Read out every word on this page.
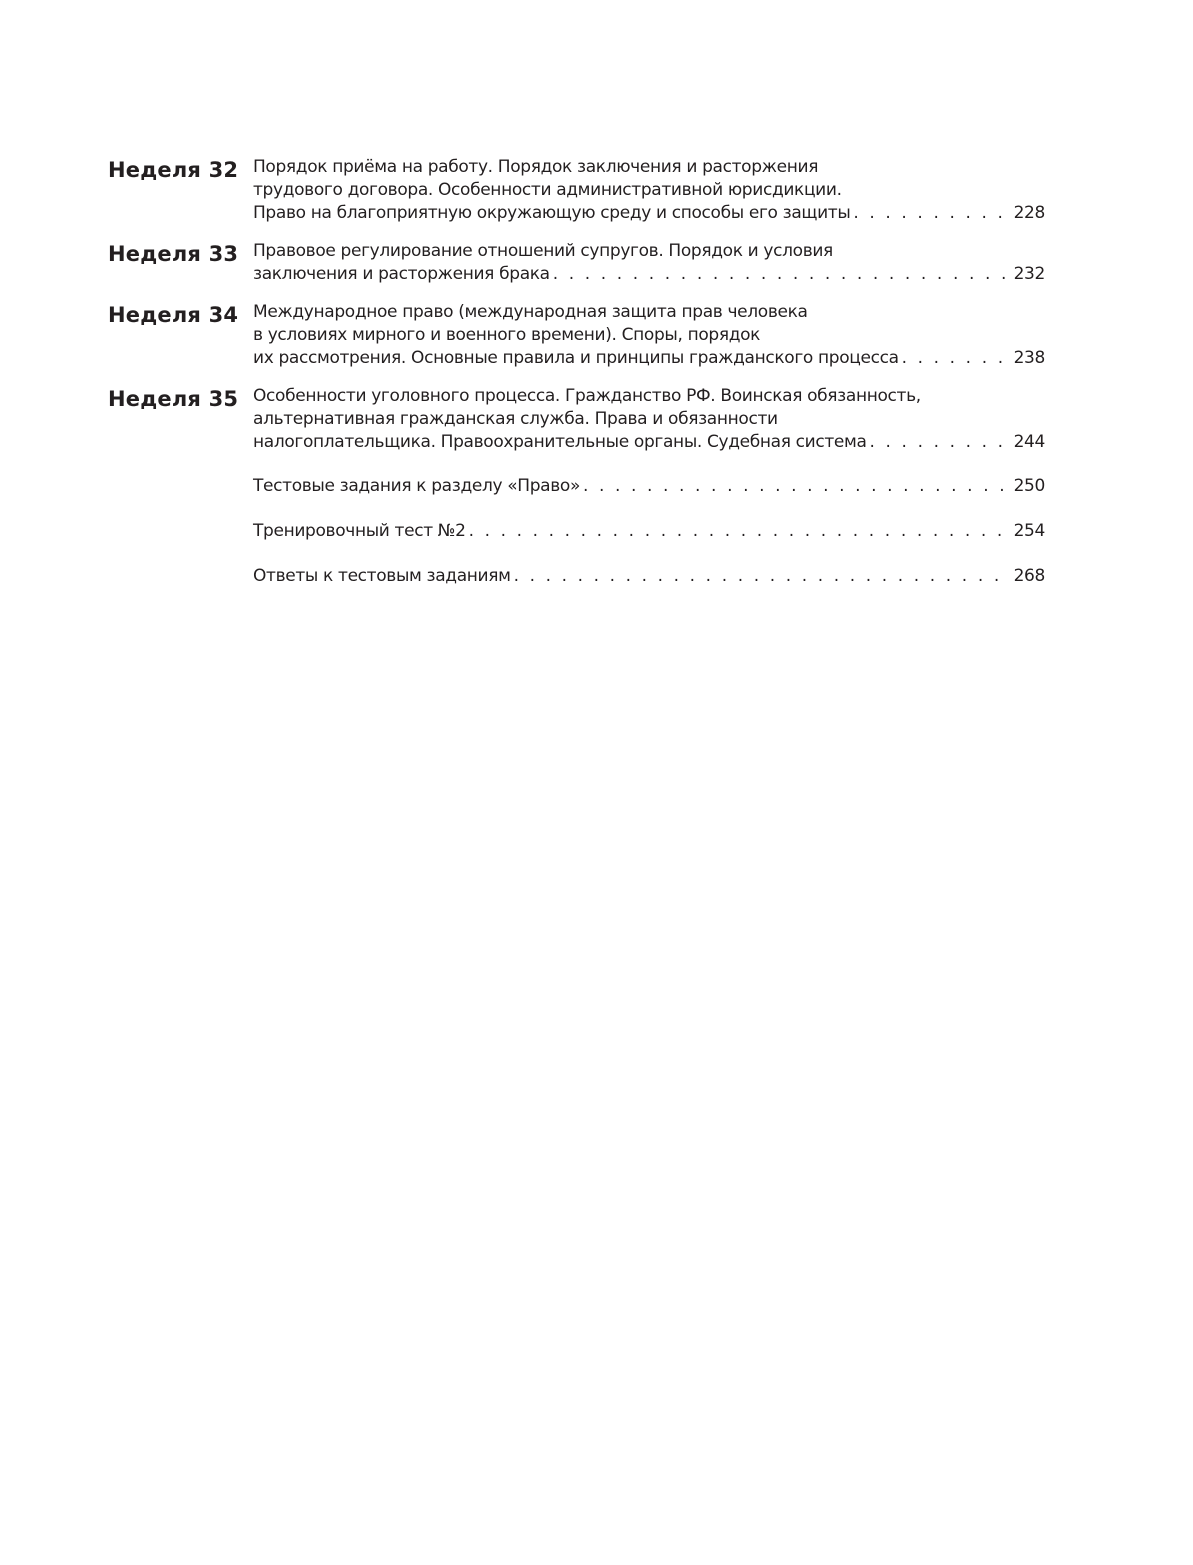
Неделя 32 Порядок приёма на работу. Порядок заключения и расторжения
трудового договора. Особенности административной юрисдикции.
Право на благоприятную окружающую среду и способы его защиты . . .	228
Неделя 33 Правовое регулирование отношений супругов. Порядок и условия
заключения и расторжения брака . . .	232
Неделя 34 Международное право (международная защита прав человека
в условиях мирного и военного времени). Споры, порядок
их рассмотрения. Основные правила и принципы гражданского процесса . . .	238
Неделя 35 Особенности уголовного процесса. Гражданство РФ. Воинская обязанность,
альтернативная гражданская служба. Права и обязанности
налогоплательщика. Правоохранительные органы. Судебная система . . .	244
Тестовые задания к разделу «Право» . . .	250
Тренировочный тест №2 . . .	254
Ответы к тестовым заданиям . . .	268
